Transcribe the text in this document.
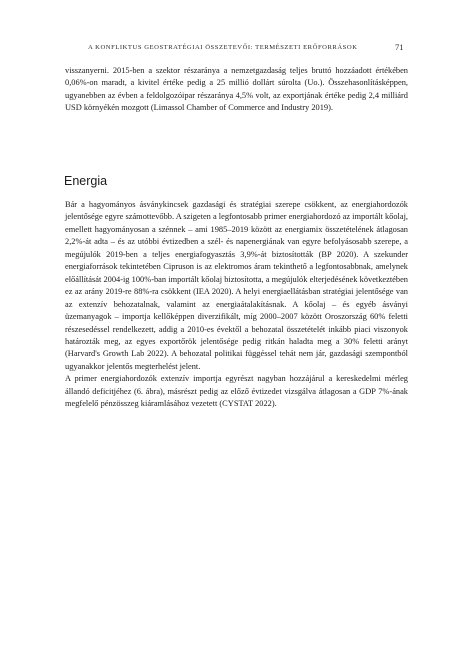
A KONFLIKTUS GEOSTRATÉGIAI ÖSSZETEVŐI: TERMÉSZETI ERŐFORRÁSOK	71

visszanyerni. 2015-ben a szektor részaránya a nemzetgazdaság teljes bruttó hozzáadott értékében 0,06%-on maradt, a kivitel értéke pedig a 25 millió dollárt súrolta (Uo.). Összehasonlításképpen, ugyanebben az évben a feldolgozóipar részaránya 4,5% volt, az exportjának értéke pedig 2,4 milliárd USD környékén mozgott (Limassol Chamber of Commerce and Industry 2019).

Energia

Bár a hagyományos ásványkincsek gazdasági és stratégiai szerepe csökkent, az energiahordozók jelentősége egyre számottevőbb. A szigeten a legfontosabb primer energiahordozó az importált kőolaj, emellett hagyományosan a szénnek – ami 1985–2019 között az energiamix összetételének átlagosan 2,2%-át adta – és az utóbbi évtizedben a szél- és napenergiának van egyre befolyásosabb szerepe, a megújulók 2019-ben a teljes energiafogyasztás 3,9%-át biztosították (BP 2020). A szekunder energiaforrások tekintetében Cipruson is az elektromos áram tekinthető a legfontosabbnak, amelynek előállítását 2004-ig 100%-ban importált kőolaj biztosította, a megújulók elterjedésének következtében ez az arány 2019-re 88%-ra csökkent (IEA 2020). A helyi energiaellátásban stratégiai jelentősége van az extenzív behozatalnak, valamint az energiaátalakításnak. A kőolaj – és egyéb ásványi üzemanyagok – importja kellőképpen diverzifikált, míg 2000–2007 között Oroszország 60% feletti részesedéssel rendelkezett, addig a 2010-es évektől a behozatal összetételét inkább piaci viszonyok határozták meg, az egyes exportőrök jelentősége pedig ritkán haladta meg a 30% feletti arányt (Harvard's Growth Lab 2022). A behozatal politikai függéssel tehát nem jár, gazdasági szempontból ugyanakkor jelentős megterhelést jelent.

A primer energiahordozók extenzív importja egyrészt nagyban hozzájárul a kereskedelmi mérleg állandó deficitjéhez (6. ábra), másrészt pedig az előző évtizedet vizsgálva átlagosan a GDP 7%-ának megfelelő pénzösszeg kiáramlásához vezetett (CYSTAT 2022).
